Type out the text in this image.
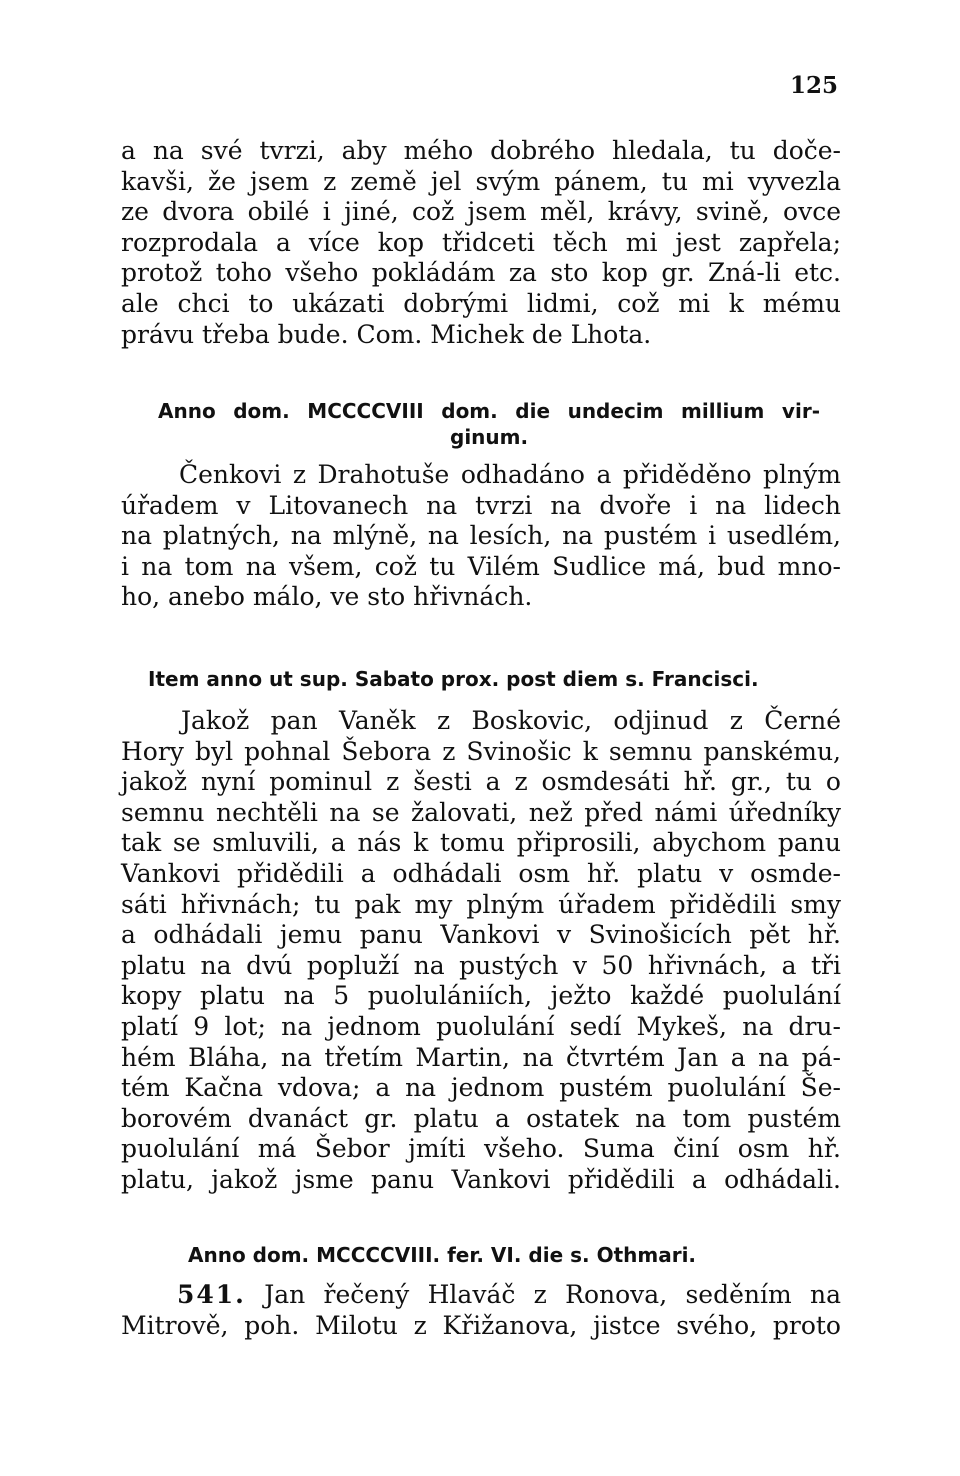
125
a na své tvrzi, aby mého dobrého hledala, tu doče-
kavši, že jsem z země jel svým pánem, tu mi vyvezla
ze dvora obilé i jiné, což jsem měl, krávy, svině, ovce
rozprodala a více kop třidceti těch mi jest zapřela;
protož toho všeho pokládám za sto kop gr. Zná-li etc.
ale chci to ukázati dobrými lidmi, což mi k mému
právu třeba bude. Com. Michek de Lhota.
Anno dom. MCCCCVIII dom. die undecim millium vir-
ginum.
Čenkovi z Drahotuše odhadáno a přiděděno plným
úřadem v Litovanech na tvrzi na dvoře i na lidech
na platných, na mlýně, na lesích, na pustém i usedlém,
i na tom na všem, což tu Vilém Sudlice má, bud mno-
ho, anebo málo, ve sto hřivnách.
Item anno ut sup. Sabato prox. post diem s. Francisci.
Jakož pan Vaněk z Boskovic, odjinud z Černé
Hory byl pohnal Šebora z Svinošic k semnu panskému,
jakož nyní pominul z šesti a z osmdesáti hř. gr., tu o
semnu nechtěli na se žalovati, než před námi úředníky
tak se smluvili, a nás k tomu připrosili, abychom panu
Vankovi přidědili a odhádali osm hř. platu v osmde-
sáti hřivnách; tu pak my plným úřadem přidědili smy
a odhádali jemu panu Vankovi v Svinošicích pět hř.
platu na dvú popluží na pustých v 50 hřivnách, a tři
kopy platu na 5 puolulániích, ježto každé puolulání
platí 9 lot; na jednom puolulání sedí Mykeš, na dru-
hém Bláha, na třetím Martin, na čtvrtém Jan a na pá-
tém Kačna vdova; a na jednom pustém puolulání Še-
borovém dvanáct gr. platu a ostatek na tom pustém
puolulání má Šebor jmíti všeho. Suma činí osm hř.
platu, jakož jsme panu Vankovi přidědili a odhádali.
Anno dom. MCCCCVIII. fer. VI. die s. Othmari.
541. Jan řečený Hlaváč z Ronova, seděním na
Mitrově, poh. Milotu z Křižanova, jistce svého, proto
